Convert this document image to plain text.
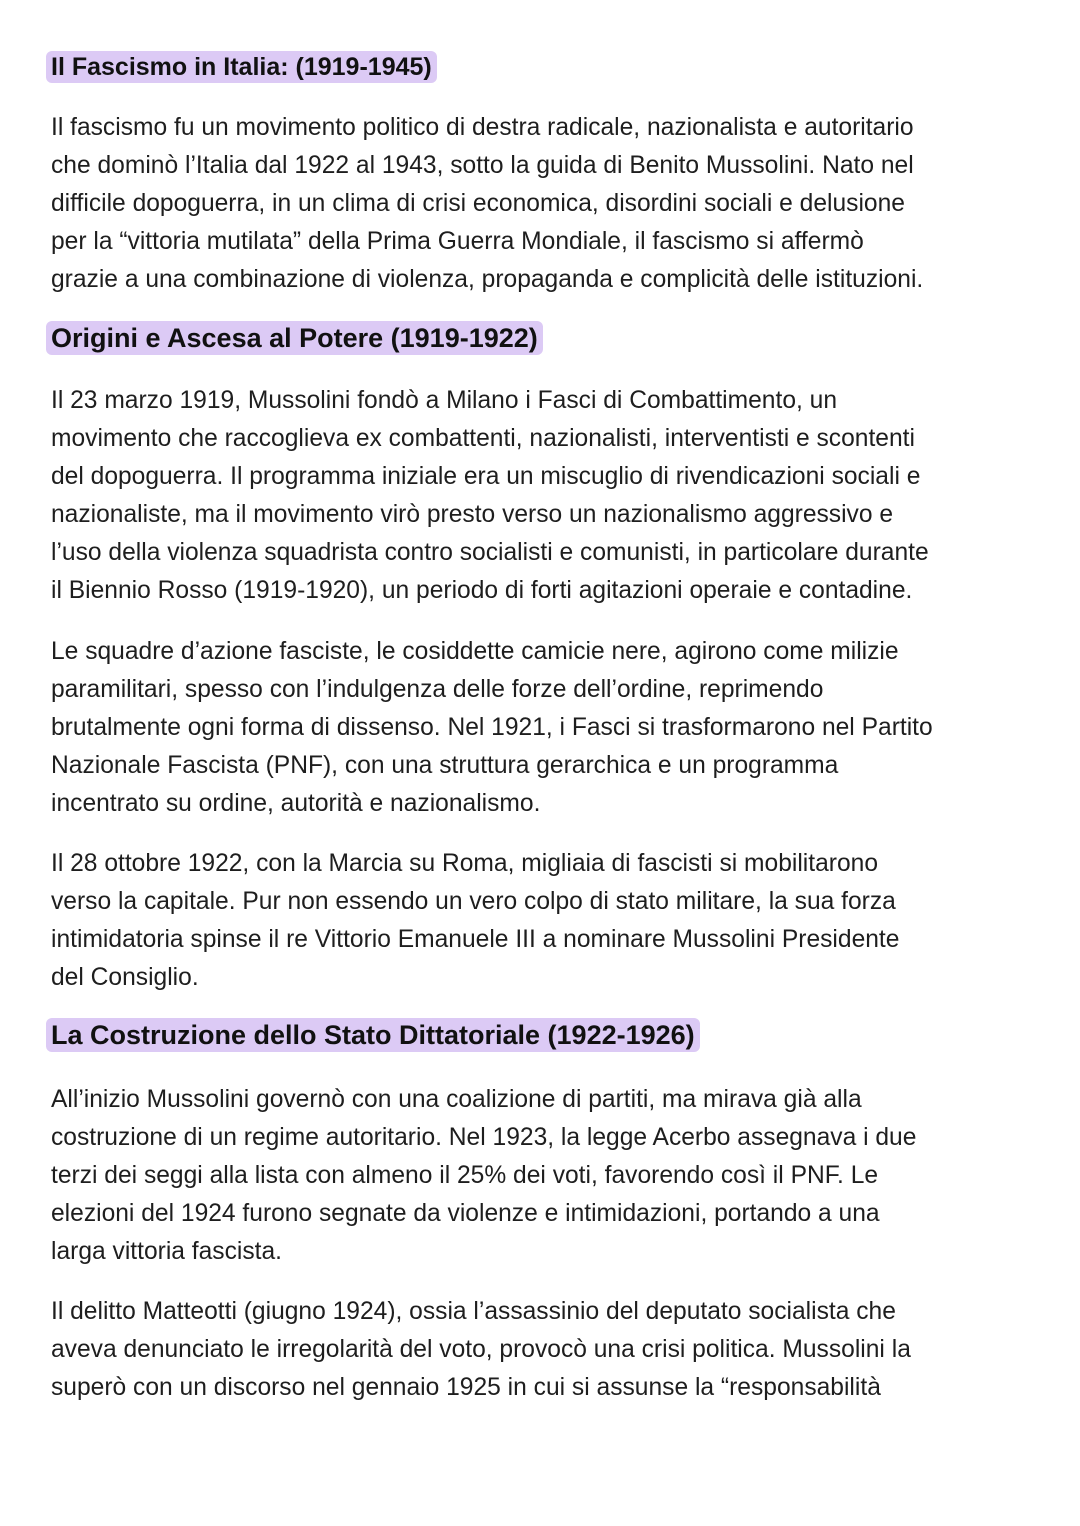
Il Fascismo in Italia: (1919-1945)

Il fascismo fu un movimento politico di destra radicale, nazionalista e autoritario
che dominò l’Italia dal 1922 al 1943, sotto la guida di Benito Mussolini. Nato nel
difficile dopoguerra, in un clima di crisi economica, disordini sociali e delusione
per la “vittoria mutilata” della Prima Guerra Mondiale, il fascismo si affermò
grazie a una combinazione di violenza, propaganda e complicità delle istituzioni.

Origini e Ascesa al Potere (1919-1922)

Il 23 marzo 1919, Mussolini fondò a Milano i Fasci di Combattimento, un
movimento che raccoglieva ex combattenti, nazionalisti, interventisti e scontenti
del dopoguerra. Il programma iniziale era un miscuglio di rivendicazioni sociali e
nazionaliste, ma il movimento virò presto verso un nazionalismo aggressivo e
l’uso della violenza squadrista contro socialisti e comunisti, in particolare durante
il Biennio Rosso (1919-1920), un periodo di forti agitazioni operaie e contadine.

Le squadre d’azione fasciste, le cosiddette camicie nere, agirono come milizie
paramilitari, spesso con l’indulgenza delle forze dell’ordine, reprimendo
brutalmente ogni forma di dissenso. Nel 1921, i Fasci si trasformarono nel Partito
Nazionale Fascista (PNF), con una struttura gerarchica e un programma
incentrato su ordine, autorità e nazionalismo.

Il 28 ottobre 1922, con la Marcia su Roma, migliaia di fascisti si mobilitarono
verso la capitale. Pur non essendo un vero colpo di stato militare, la sua forza
intimidatoria spinse il re Vittorio Emanuele III a nominare Mussolini Presidente
del Consiglio.

La Costruzione dello Stato Dittatoriale (1922-1926)

All’inizio Mussolini governò con una coalizione di partiti, ma mirava già alla
costruzione di un regime autoritario. Nel 1923, la legge Acerbo assegnava i due
terzi dei seggi alla lista con almeno il 25% dei voti, favorendo così il PNF. Le
elezioni del 1924 furono segnate da violenze e intimidazioni, portando a una
larga vittoria fascista.

Il delitto Matteotti (giugno 1924), ossia l’assassinio del deputato socialista che
aveva denunciato le irregolarità del voto, provocò una crisi politica. Mussolini la
superò con un discorso nel gennaio 1925 in cui si assunse la “responsabilità
